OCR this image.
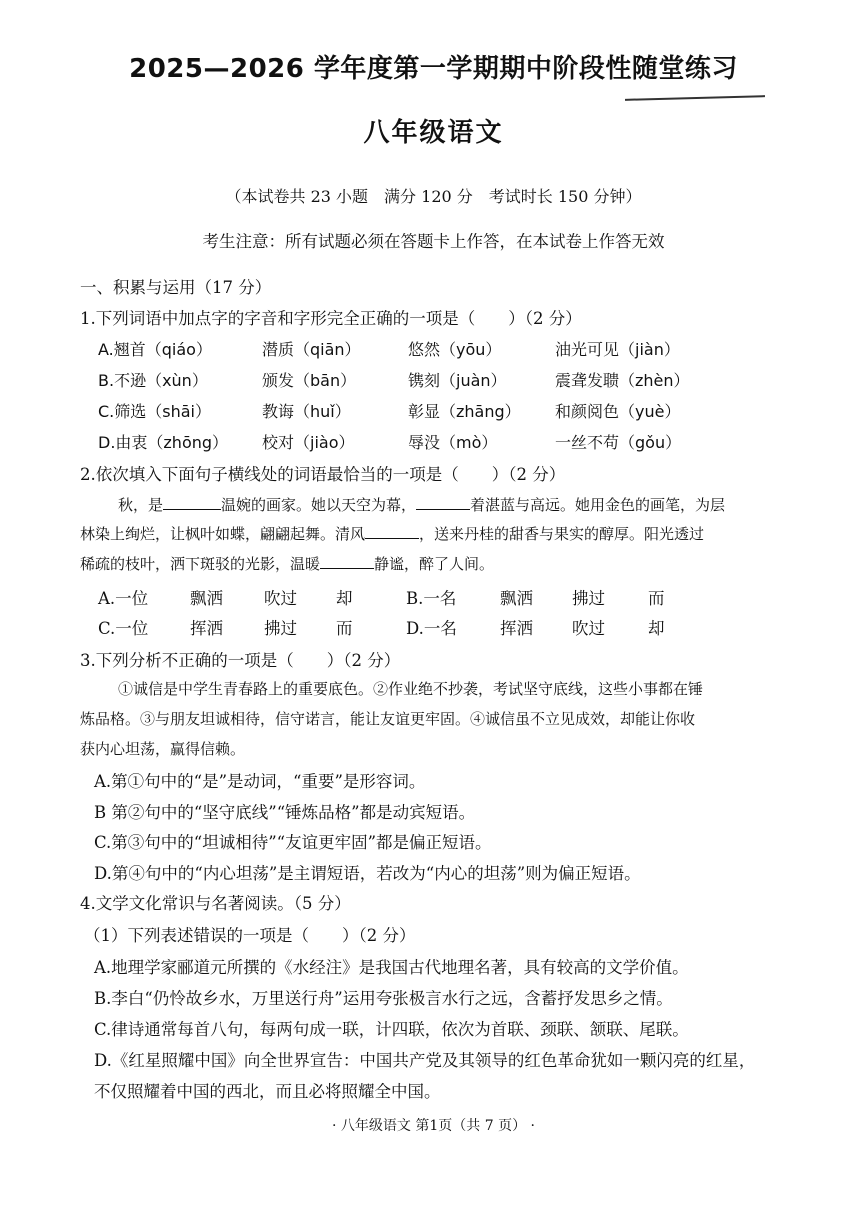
2025—2026 学年度第一学期期中阶段性随堂练习
八年级语文
（本试卷共 23 小题　满分 120 分　考试时长 150 分钟）
考生注意：所有试题必须在答题卡上作答，在本试卷上作答无效
一、积累与运用（17 分）
1.下列词语中加点字的字音和字形完全正确的一项是（　　）（2 分）
A.翘首（qiáo）	潜质（qiān）	悠然（yōu）	油光可见（jiàn）
B.不逊（xùn）	颁发（bān）	镌刻（juàn）	震聋发聩（zhèn）
C.筛选（shāi）	教诲（huǐ）	彰显（zhāng） 和颜阅色（yuè）
D.由衷（zhōng） 校对（jiào）	辱没（mò）	一丝不苟（gǒu）
2.依次填入下面句子横线处的词语最恰当的一项是（　　）（2 分）
秋，是	温婉的画家。她以天空为幕，	着湛蓝与高远。她用金色的画笔，为层
林染上绚烂，让枫叶如蝶，翩翩起舞。清风	，送来丹桂的甜香与果实的醇厚。阳光透过
稀疏的枝叶，洒下斑驳的光影，温暖	静谧，醉了人间。
A.一位	飘洒 吹过 却	B.一名	飘洒 拂过	而
C.一位	挥洒 拂过 而	D.一名	挥洒 吹过	却
3.下列分析不正确的一项是（　　）（2 分）
①诚信是中学生青春路上的重要底色。②作业绝不抄袭，考试坚守底线，这些小事都在锤
炼品格。③与朋友坦诚相待，信守诺言，能让友谊更牢固。④诚信虽不立见成效，却能让你收
获内心坦荡，赢得信赖。
A.第①句中的“是”是动词，“重要”是形容词。
B 第②句中的“坚守底线”“锤炼品格”都是动宾短语。
C.第③句中的“坦诚相待”“友谊更牢固”都是偏正短语。
D.第④句中的“内心坦荡”是主谓短语，若改为“内心的坦荡”则为偏正短语。
4.文学文化常识与名著阅读。（5 分）
（1）下列表述错误的一项是（　　）（2 分）
A.地理学家郦道元所撰的《水经注》是我国古代地理名著，具有较高的文学价值。
B.李白“仍怜故乡水，万里送行舟”运用夸张极言水行之远，含蓄抒发思乡之情。
C.律诗通常每首八句，每两句成一联，计四联，依次为首联、颈联、颔联、尾联。
D.《红星照耀中国》向全世界宣告：中国共产党及其领导的红色革命犹如一颗闪亮的红星，
不仅照耀着中国的西北，而且必将照耀全中国。
· 八年级语文 第1页（共 7 页） ·
